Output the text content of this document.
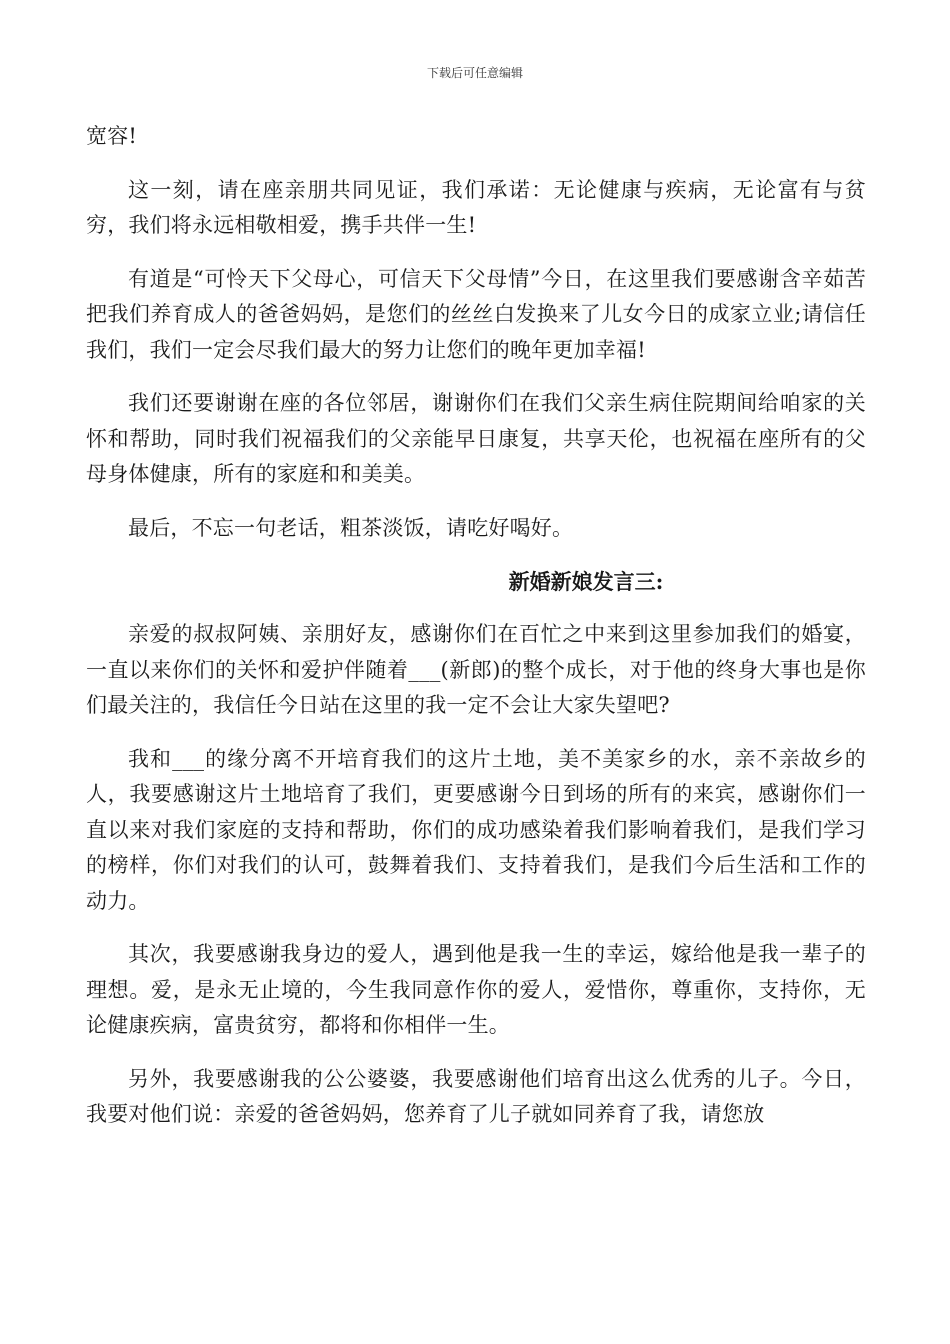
下载后可任意编辑

宽容!

这一刻，请在座亲朋共同见证，我们承诺：无论健康与疾病，无论富有与贫穷，我们将永远相敬相爱，携手共伴一生!

有道是“可怜天下父母心，可信天下父母情”今日，在这里我们要感谢含辛茹苦把我们养育成人的爸爸妈妈，是您们的丝丝白发换来了儿女今日的成家立业;请信任我们，我们一定会尽我们最大的努力让您们的晚年更加幸福!

我们还要谢谢在座的各位邻居，谢谢你们在我们父亲生病住院期间给咱家的关怀和帮助，同时我们祝福我们的父亲能早日康复，共享天伦，也祝福在座所有的父母身体健康，所有的家庭和和美美。

最后，不忘一句老话，粗茶淡饭，请吃好喝好。

新婚新娘发言三:

亲爱的叔叔阿姨、亲朋好友，感谢你们在百忙之中来到这里参加我们的婚宴，一直以来你们的关怀和爱护伴随着___(新郎)的整个成长，对于他的终身大事也是你们最关注的，我信任今日站在这里的我一定不会让大家失望吧?

我和___的缘分离不开培育我们的这片土地，美不美家乡的水，亲不亲故乡的人，我要感谢这片土地培育了我们，更要感谢今日到场的所有的来宾，感谢你们一直以来对我们家庭的支持和帮助，你们的成功感染着我们影响着我们，是我们学习的榜样，你们对我们的认可，鼓舞着我们、支持着我们，是我们今后生活和工作的动力。

其次，我要感谢我身边的爱人，遇到他是我一生的幸运，嫁给他是我一辈子的理想。爱，是永无止境的，今生我同意作你的爱人，爱惜你，尊重你，支持你，无论健康疾病，富贵贫穷，都将和你相伴一生。

另外，我要感谢我的公公婆婆，我要感谢他们培育出这么优秀的儿子。今日，我要对他们说：亲爱的爸爸妈妈，您养育了儿子就如同养育了我，请您放
